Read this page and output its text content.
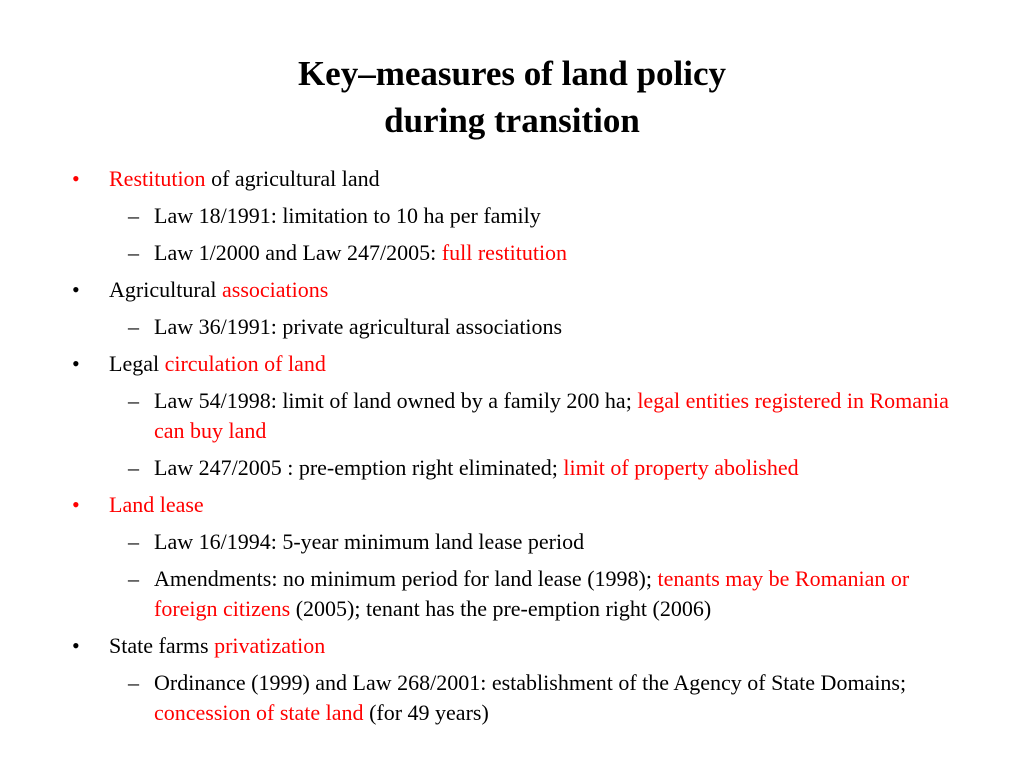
Key–measures of land policy
during transition
• Restitution of agricultural land
– Law 18/1991: limitation to 10 ha per family
– Law 1/2000 and Law 247/2005: full restitution
• Agricultural associations
– Law 36/1991: private agricultural associations
• Legal circulation of land
– Law 54/1998: limit of land owned by a family 200 ha; legal entities registered in Romania can buy land
– Law 247/2005 : pre-emption right eliminated; limit of property abolished
• Land lease
– Law 16/1994: 5-year minimum land lease period
– Amendments: no minimum period for land lease (1998); tenants may be Romanian or foreign citizens (2005); tenant has the pre-emption right (2006)
• State farms privatization
– Ordinance (1999) and Law 268/2001: establishment of the Agency of State Domains; concession of state land (for 49 years)
